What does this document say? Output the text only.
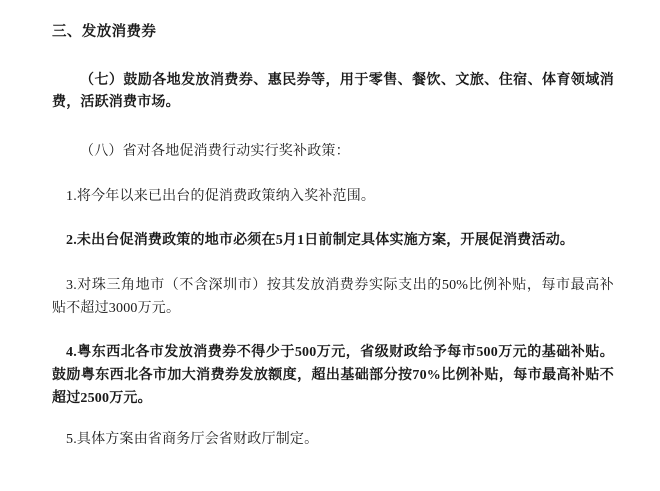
三、发放消费券

（七）鼓励各地发放消费券、惠民券等，用于零售、餐饮、文旅、住宿、体育领域消费，活跃消费市场。

（八）省对各地促消费行动实行奖补政策：

1.将今年以来已出台的促消费政策纳入奖补范围。

2.未出台促消费政策的地市必须在5月1日前制定具体实施方案，开展促消费活动。

3.对珠三角地市（不含深圳市）按其发放消费券实际支出的50%比例补贴，每市最高补贴不超过3000万元。

4.粤东西北各市发放消费券不得少于500万元，省级财政给予每市500万元的基础补贴。鼓励粤东西北各市加大消费券发放额度，超出基础部分按70%比例补贴，每市最高补贴不超过2500万元。

5.具体方案由省商务厅会省财政厅制定。
